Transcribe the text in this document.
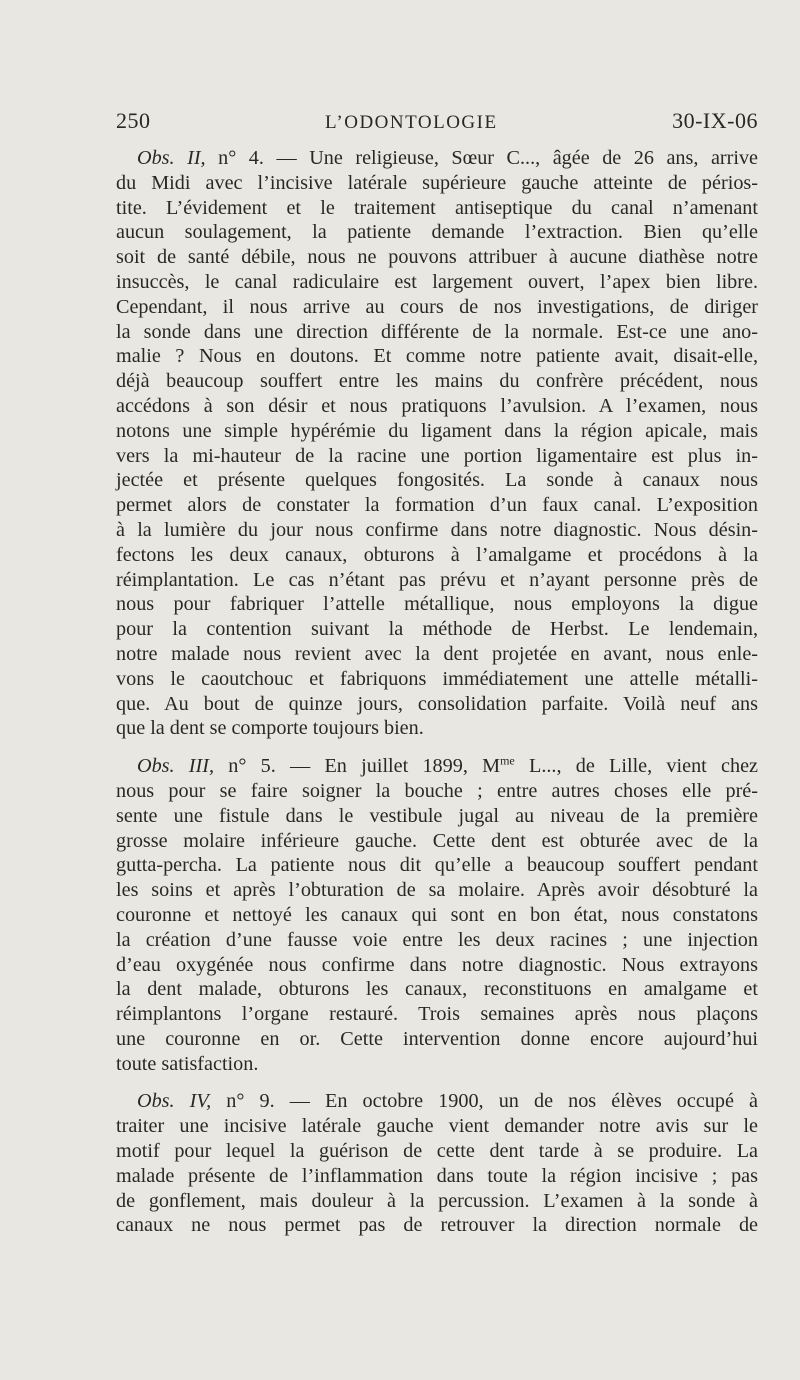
250	L’ODONTOLOGIE	30-IX-06
Obs. II, n° 4. — Une religieuse, Sœur C..., âgée de 26 ans, arrive
du Midi avec l’incisive latérale supérieure gauche atteinte de périos-
tite. L’évidement et le traitement antiseptique du canal n’amenant
aucun soulagement, la patiente demande l’extraction. Bien qu’elle
soit de santé débile, nous ne pouvons attribuer à aucune diathèse notre
insuccès, le canal radiculaire est largement ouvert, l’apex bien libre.
Cependant, il nous arrive au cours de nos investigations, de diriger
la sonde dans une direction différente de la normale. Est-ce une ano-
malie ? Nous en doutons. Et comme notre patiente avait, disait-elle,
déjà beaucoup souffert entre les mains du confrère précédent, nous
accédons à son désir et nous pratiquons l’avulsion. A l’examen, nous
notons une simple hypérémie du ligament dans la région apicale, mais
vers la mi-hauteur de la racine une portion ligamentaire est plus in-
jectée et présente quelques fongosités. La sonde à canaux nous
permet alors de constater la formation d’un faux canal. L’exposition
à la lumière du jour nous confirme dans notre diagnostic. Nous désin-
fectons les deux canaux, obturons à l’amalgame et procédons à la
réimplantation. Le cas n’étant pas prévu et n’ayant personne près de
nous pour fabriquer l’attelle métallique, nous employons la digue
pour la contention suivant la méthode de Herbst. Le lendemain,
notre malade nous revient avec la dent projetée en avant, nous enle-
vons le caoutchouc et fabriquons immédiatement une attelle métalli-
que. Au bout de quinze jours, consolidation parfaite. Voilà neuf ans
que la dent se comporte toujours bien.
Obs. III, n° 5. — En juillet 1899, $M^{me}$ L..., de Lille, vient chez
nous pour se faire soigner la bouche ; entre autres choses elle pré-
sente une fistule dans le vestibule jugal au niveau de la première
grosse molaire inférieure gauche. Cette dent est obturée avec de la
gutta-percha. La patiente nous dit qu’elle a beaucoup souffert pendant
les soins et après l’obturation de sa molaire. Après avoir désobturé la
couronne et nettoyé les canaux qui sont en bon état, nous constatons
la création d’une fausse voie entre les deux racines ; une injection
d’eau oxygénée nous confirme dans notre diagnostic. Nous extrayons
la dent malade, obturons les canaux, reconstituons en amalgame et
réimplantons l’organe restauré. Trois semaines après nous plaçons
une couronne en or. Cette intervention donne encore aujourd’hui
toute satisfaction.
Obs. IV, n° 9. — En octobre 1900, un de nos élèves occupé à
traiter une incisive latérale gauche vient demander notre avis sur le
motif pour lequel la guérison de cette dent tarde à se produire. La
malade présente de l’inflammation dans toute la région incisive ; pas
de gonflement, mais douleur à la percussion. L’examen à la sonde à
canaux ne nous permet pas de retrouver la direction normale de
